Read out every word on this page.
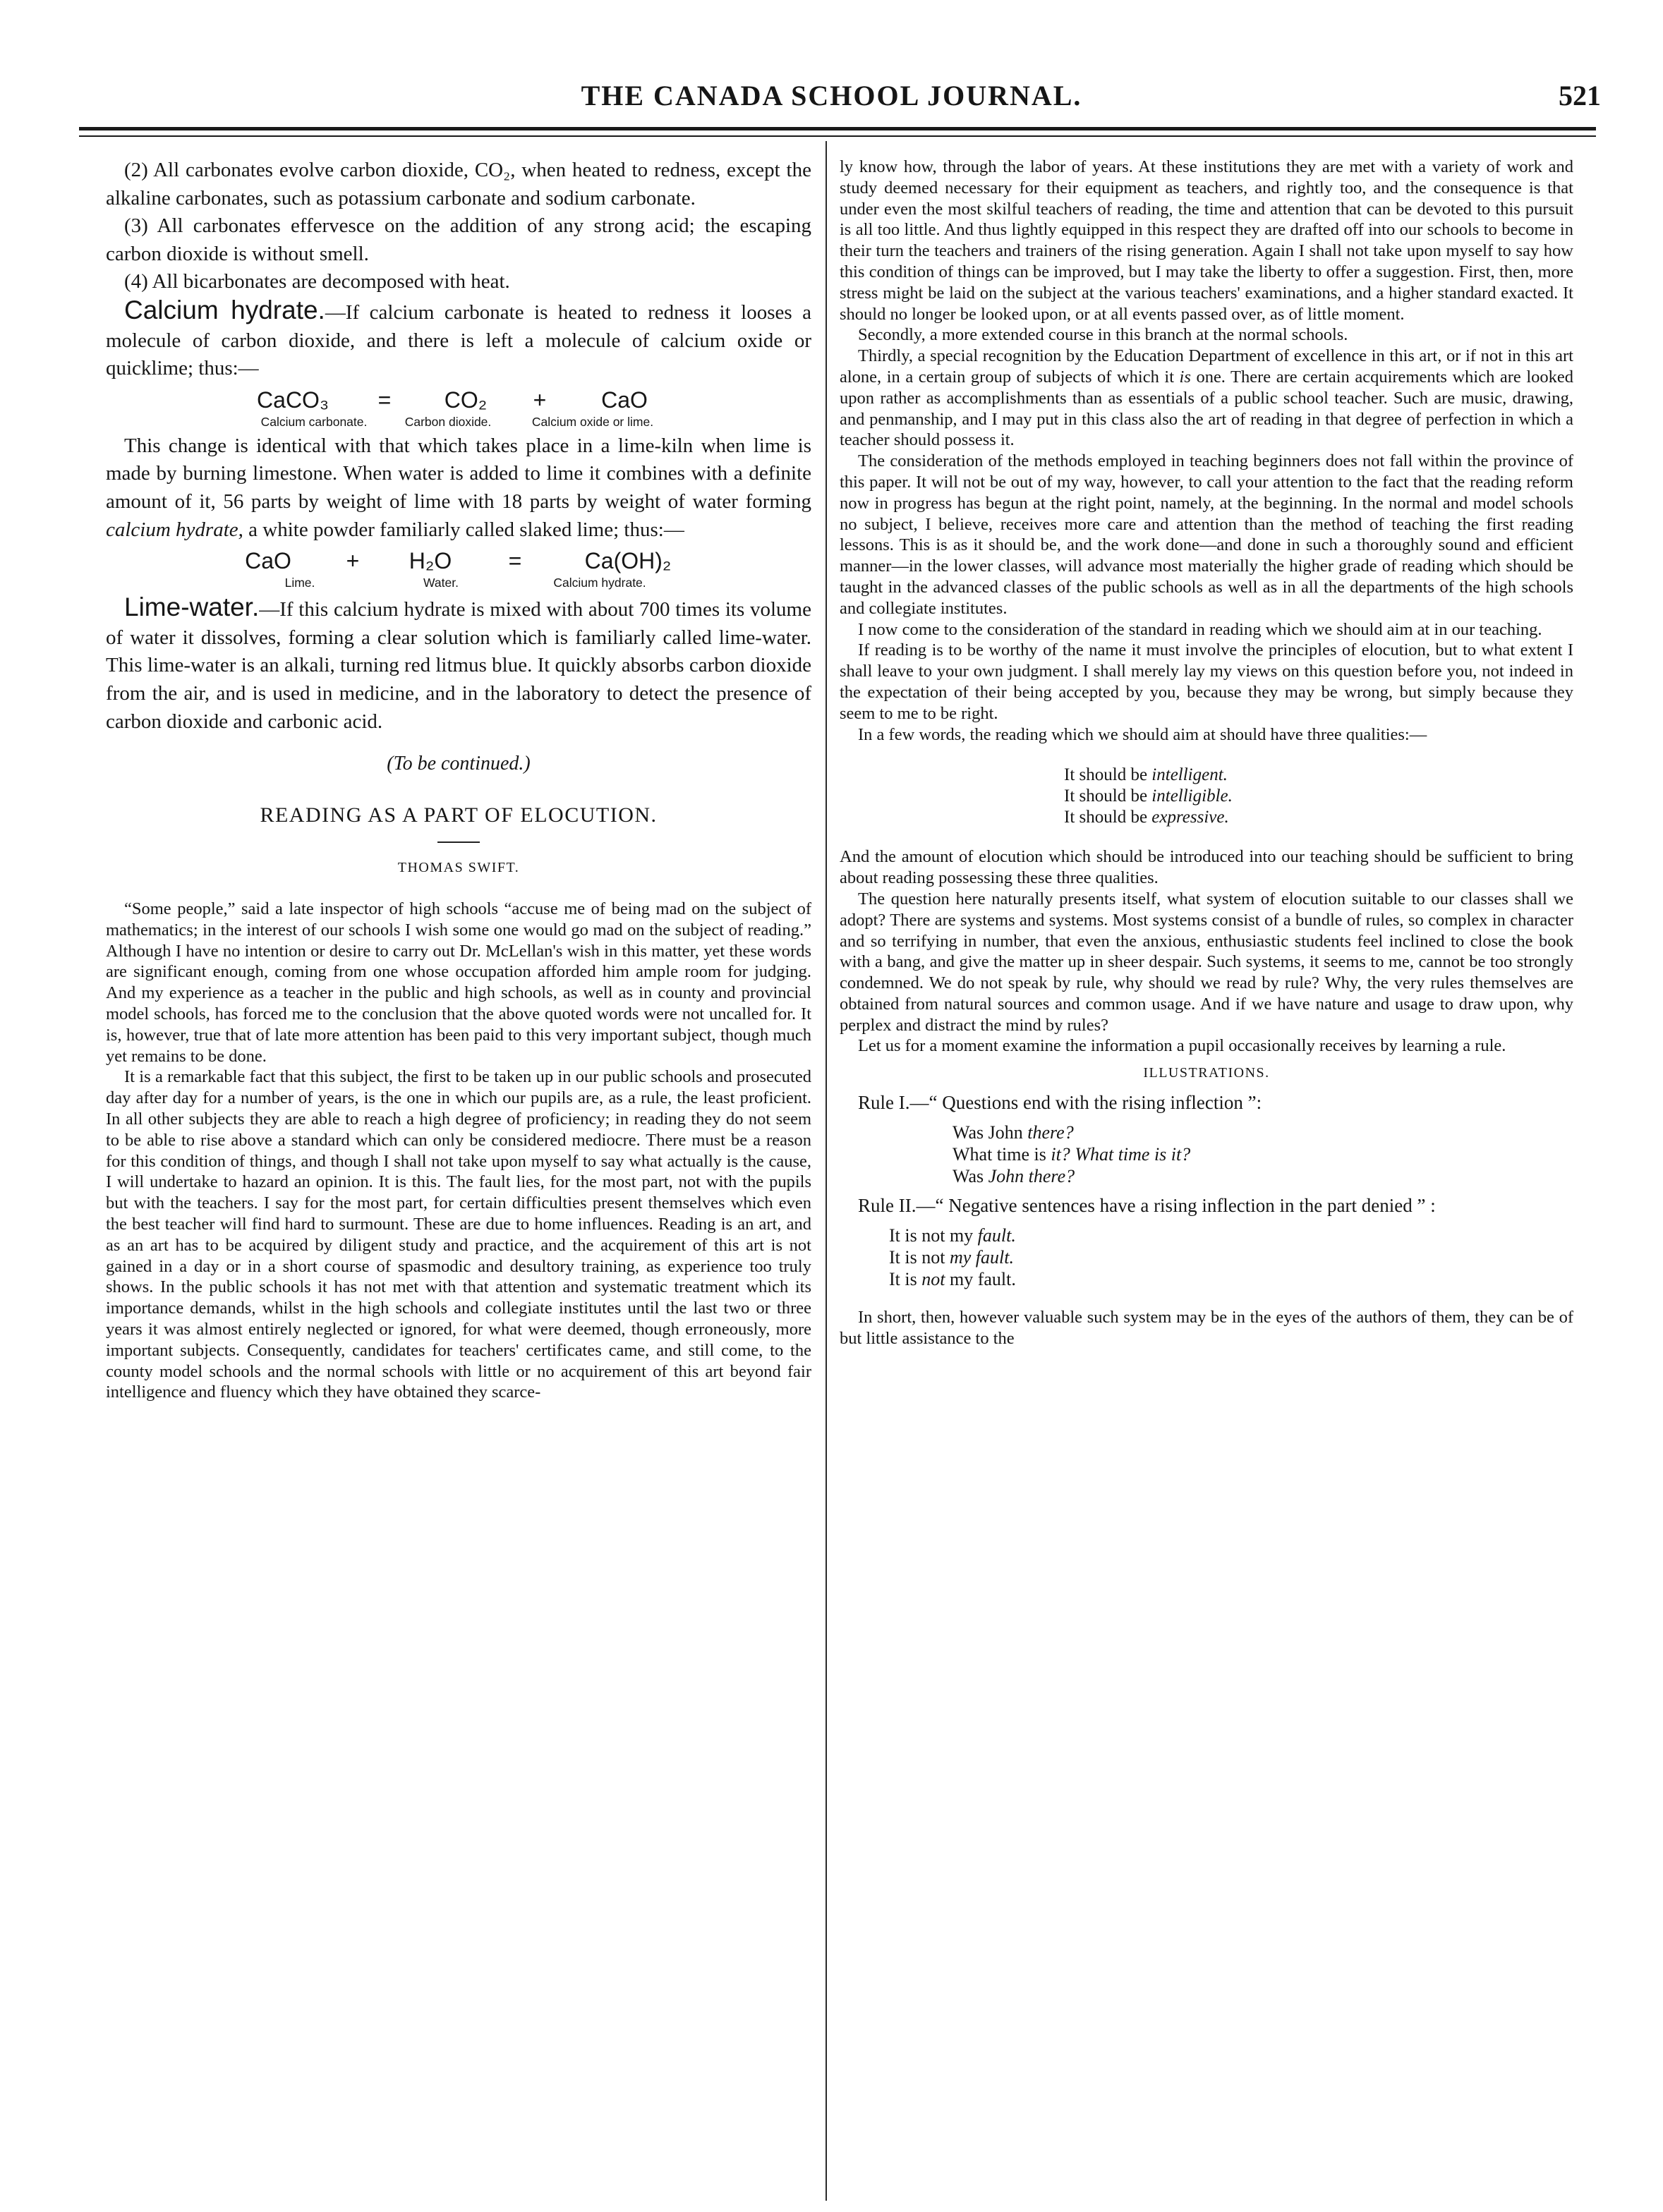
THE CANADA SCHOOL JOURNAL.	521

(2) All carbonates evolve carbon dioxide, CO₂, when heated to redness, except the alkaline carbonates, such as potassium carbonate and sodium carbonate.

(3) All carbonates effervesce on the addition of any strong acid; the escaping carbon dioxide is without smell.

(4) All bicarbonates are decomposed with heat.

Calcium hydrate.—If calcium carbonate is heated to redness it looses a molecule of carbon dioxide, and there is left a molecule of calcium oxide or quicklime; thus:—

CaCO₃	=	CO₂	+	CaO
Calcium carbonate.	Carbon dioxide.	Calcium oxide or lime.

This change is identical with that which takes place in a lime-kiln when lime is made by burning limestone. When water is added to lime it combines with a definite amount of it, 56 parts by weight of lime with 18 parts by weight of water forming calcium hydrate, a white powder familiarly called slaked lime; thus:—

CaO	+	H₂O	=	Ca(OH)₂
Lime.	Water.	Calcium hydrate.

Lime-water.—If this calcium hydrate is mixed with about 700 times its volume of water it dissolves, forming a clear solution which is familiarly called lime-water. This lime-water is an alkali, turning red litmus blue. It quickly absorbs carbon dioxide from the air, and is used in medicine, and in the laboratory to detect the presence of carbon dioxide and carbonic acid.

(To be continued.)
READING AS A PART OF ELOCUTION.
THOMAS SWIFT.

“Some people,” said a late inspector of high schools “accuse me of being mad on the subject of mathematics; in the interest of our schools I wish some one would go mad on the subject of reading.” Although I have no intention or desire to carry out Dr. McLellan's wish in this matter, yet these words are significant enough, coming from one whose occupation afforded him ample room for judging. And my experience as a teacher in the public and high schools, as well as in county and provincial model schools, has forced me to the conclusion that the above quoted words were not uncalled for. It is, however, true that of late more attention has been paid to this very important subject, though much yet remains to be done.

It is a remarkable fact that this subject, the first to be taken up in our public schools and prosecuted day after day for a number of years, is the one in which our pupils are, as a rule, the least proficient. In all other subjects they are able to reach a high degree of proficiency; in reading they do not seem to be able to rise above a standard which can only be considered mediocre. There must be a reason for this condition of things, and though I shall not take upon myself to say what actually is the cause, I will undertake to hazard an opinion. It is this. The fault lies, for the most part, not with the pupils but with the teachers. I say for the most part, for certain difficulties present themselves which even the best teacher will find hard to surmount. These are due to home influences. Reading is an art, and as an art has to be acquired by diligent study and practice, and the acquirement of this art is not gained in a day or in a short course of spasmodic and desultory training, as experience too truly shows. In the public schools it has not met with that attention and systematic treatment which its importance demands, whilst in the high schools and collegiate institutes until the last two or three years it was almost entirely neglected or ignored, for what were deemed, though erroneously, more important subjects. Consequently, candidates for teachers' certificates came, and still come, to the county model schools and the normal schools with little or no acquirement of this art beyond fair intelligence and fluency which they have obtained they scarce-

ly know how, through the labor of years. At these institutions they are met with a variety of work and study deemed necessary for their equipment as teachers, and rightly too, and the consequence is that under even the most skilful teachers of reading, the time and attention that can be devoted to this pursuit is all too little. And thus lightly equipped in this respect they are drafted off into our schools to become in their turn the teachers and trainers of the rising generation. Again I shall not take upon myself to say how this condition of things can be improved, but I may take the liberty to offer a suggestion. First, then, more stress might be laid on the subject at the various teachers' examinations, and a higher standard exacted. It should no longer be looked upon, or at all events passed over, as of little moment.

Secondly, a more extended course in this branch at the normal schools.

Thirdly, a special recognition by the Education Department of excellence in this art, or if not in this art alone, in a certain group of subjects of which it is one. There are certain acquirements which are looked upon rather as accomplishments than as essentials of a public school teacher. Such are music, drawing, and penmanship, and I may put in this class also the art of reading in that degree of perfection in which a teacher should possess it.

The consideration of the methods employed in teaching beginners does not fall within the province of this paper. It will not be out of my way, however, to call your attention to the fact that the reading reform now in progress has begun at the right point, namely, at the beginning. In the normal and model schools no subject, I believe, receives more care and attention than the method of teaching the first reading lessons. This is as it should be, and the work done—and done in such a thoroughly sound and efficient manner—in the lower classes, will advance most materially the higher grade of reading which should be taught in the advanced classes of the public schools as well as in all the departments of the high schools and collegiate institutes.

I now come to the consideration of the standard in reading which we should aim at in our teaching.

If reading is to be worthy of the name it must involve the principles of elocution, but to what extent I shall leave to your own judgment. I shall merely lay my views on this question before you, not indeed in the expectation of their being accepted by you, because they may be wrong, but simply because they seem to me to be right.

In a few words, the reading which we should aim at should have three qualities:—

It should be intelligent.
It should be intelligible.
It should be expressive.

And the amount of elocution which should be introduced into our teaching should be sufficient to bring about reading possessing these three qualities.

The question here naturally presents itself, what system of elocution suitable to our classes shall we adopt? There are systems and systems. Most systems consist of a bundle of rules, so complex in character and so terrifying in number, that even the anxious, enthusiastic students feel inclined to close the book with a bang, and give the matter up in sheer despair. Such systems, it seems to me, cannot be too strongly condemned. We do not speak by rule, why should we read by rule? Why, the very rules themselves are obtained from natural sources and common usage. And if we have nature and usage to draw upon, why perplex and distract the mind by rules?

Let us for a moment examine the information a pupil occasionally receives by learning a rule.

ILLUSTRATIONS.

Rule I.—“ Questions end with the rising inflection ”:

Was John there?
What time is it? What time is it?
Was John there?

Rule II.—“ Negative sentences have a rising inflection in the part denied ” :

It is not my fault.
It is not my fault.
It is not my fault.

In short, then, however valuable such system may be in the eyes of the authors of them, they can be of but little assistance to the
